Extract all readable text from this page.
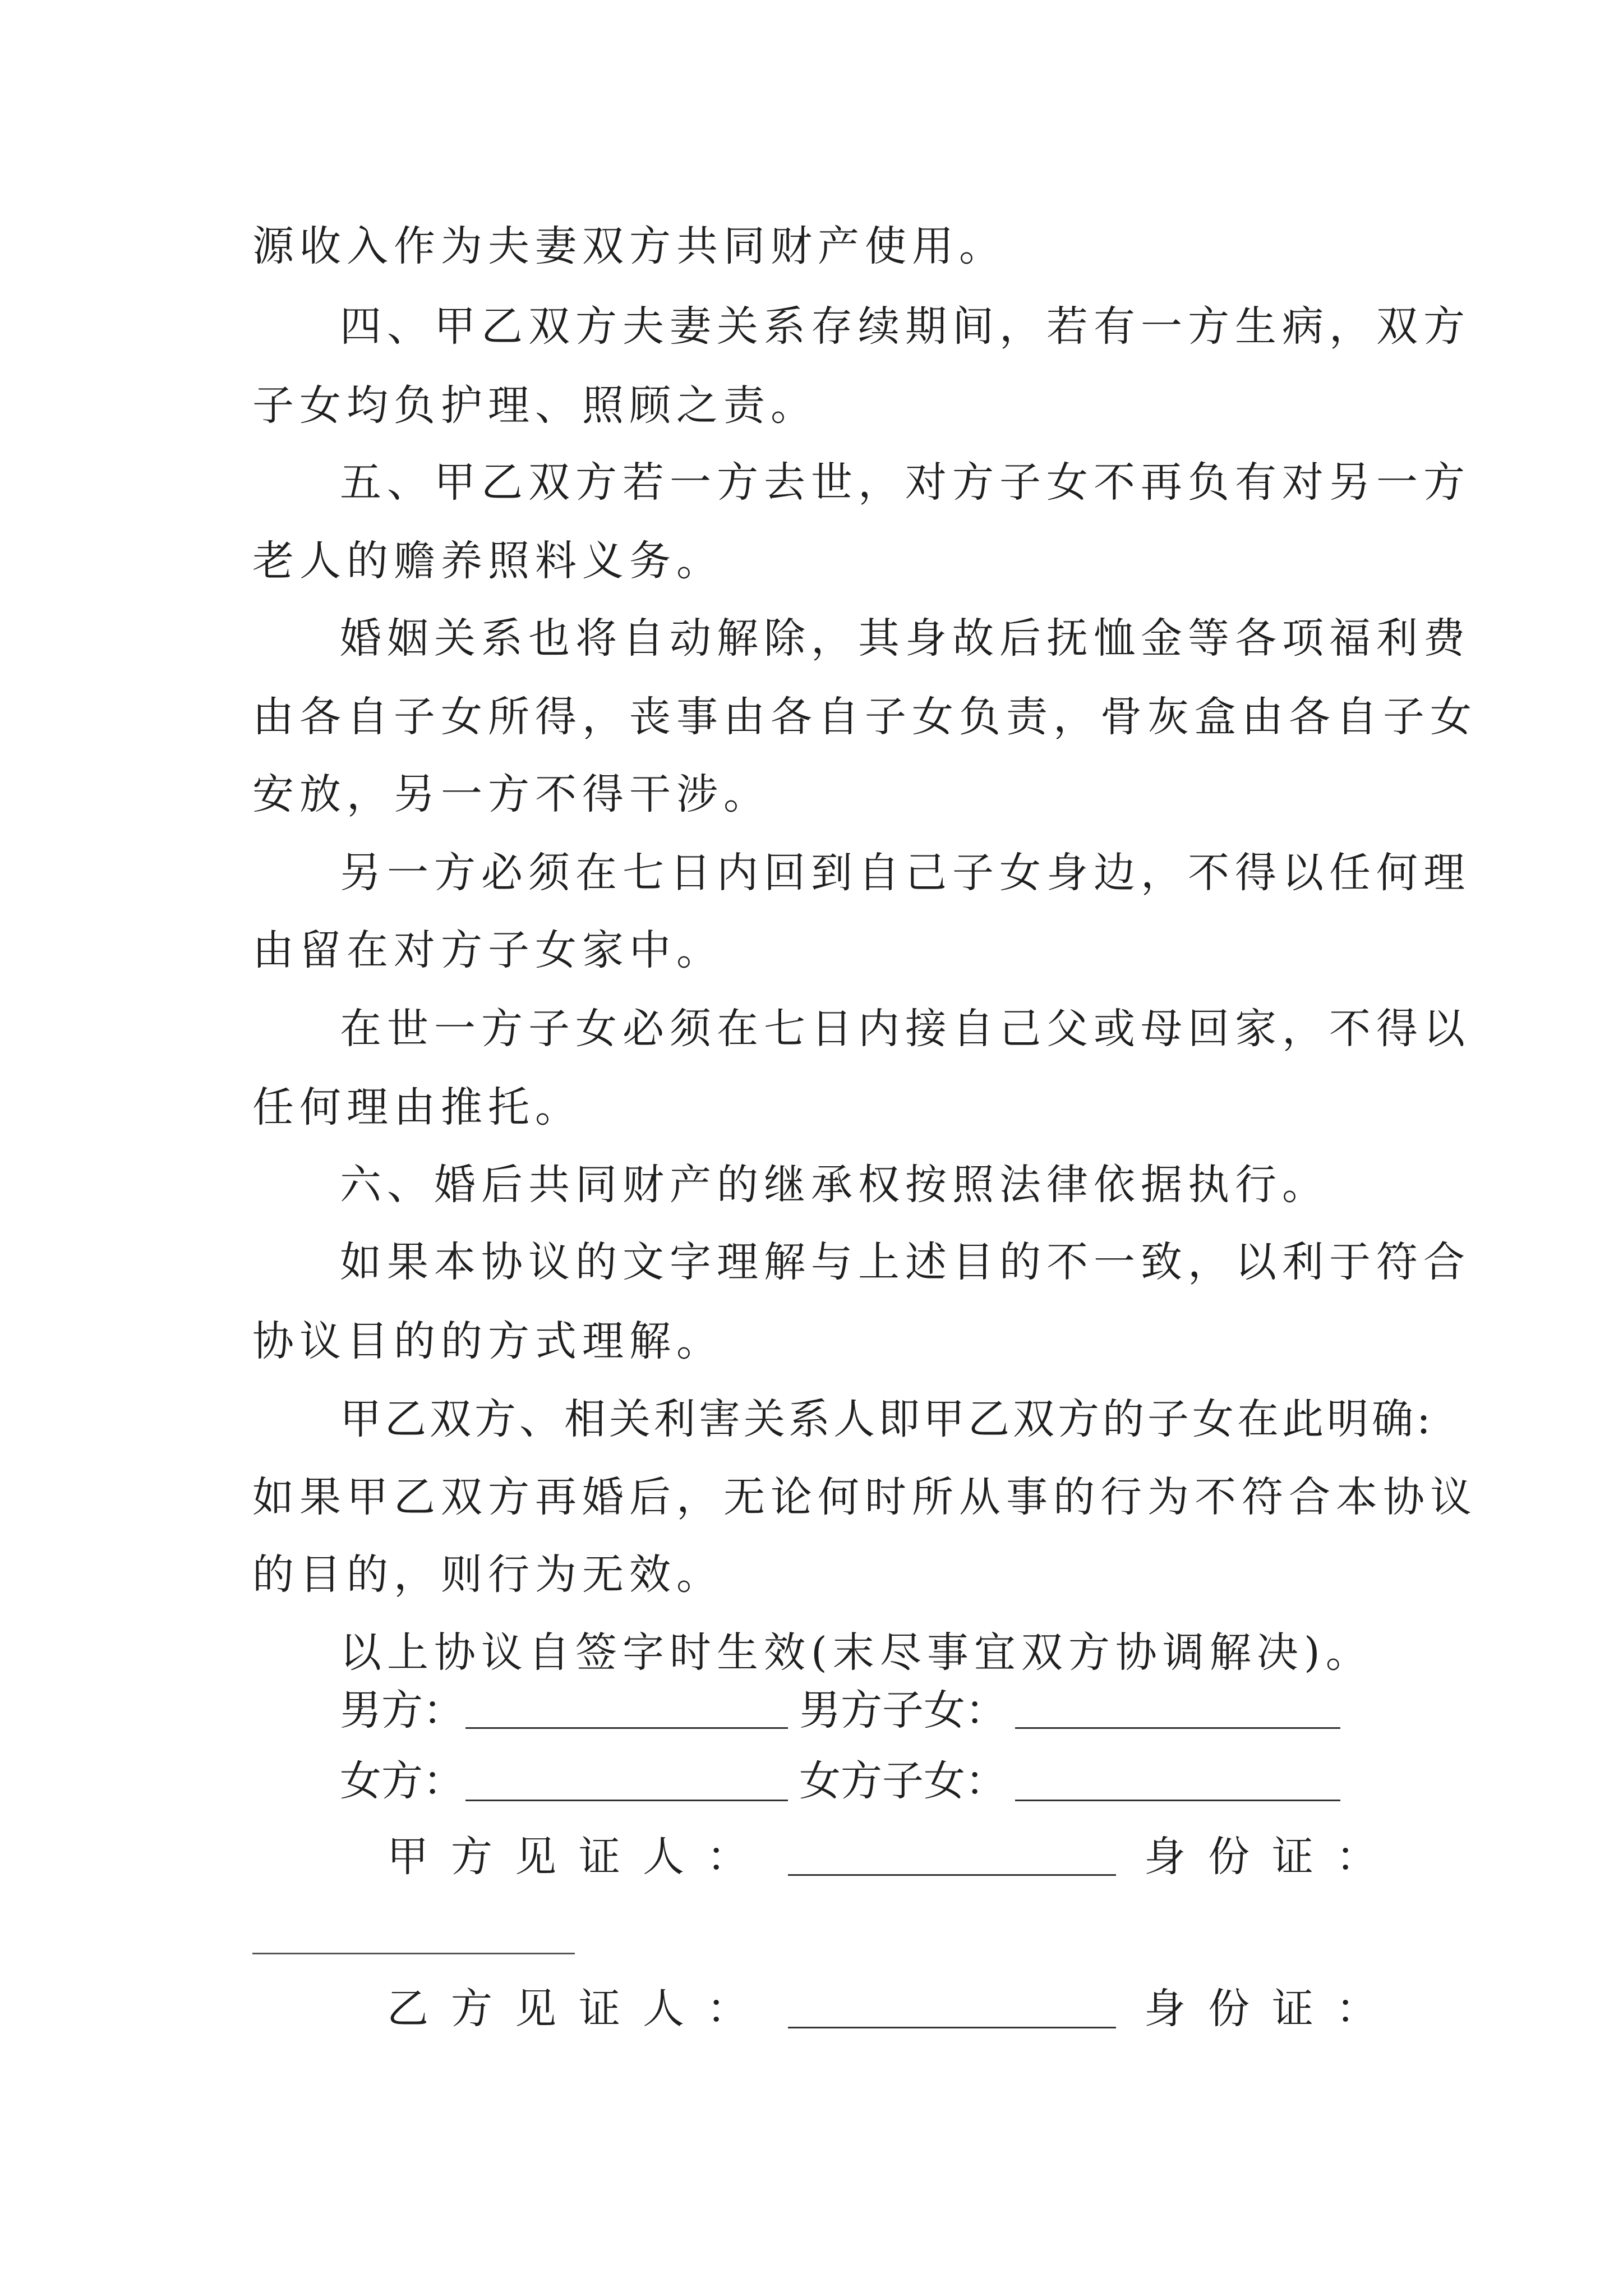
源收入作为夫妻双方共同财产使用。
四、甲乙双方夫妻关系存续期间，若有一方生病，双方
子女均负护理、照顾之责。
五、甲乙双方若一方去世，对方子女不再负有对另一方
老人的赡养照料义务。
婚姻关系也将自动解除，其身故后抚恤金等各项福利费
由各自子女所得，丧事由各自子女负责，骨灰盒由各自子女
安放，另一方不得干涉。
另一方必须在七日内回到自己子女身边，不得以任何理
由留在对方子女家中。
在世一方子女必须在七日内接自己父或母回家，不得以
任何理由推托。
六、婚后共同财产的继承权按照法律依据执行。
如果本协议的文字理解与上述目的不一致，以利于符合
协议目的的方式理解。
甲乙双方、相关利害关系人即甲乙双方的子女在此明确:
如果甲乙双方再婚后，无论何时所从事的行为不符合本协议
的目的，则行为无效。
以上协议自签字时生效(末尽事宜双方协调解决)。
男方：	男方子女：
女方：	女方子女：
甲方见证人：	身份证：
乙方见证人：	身份证：
